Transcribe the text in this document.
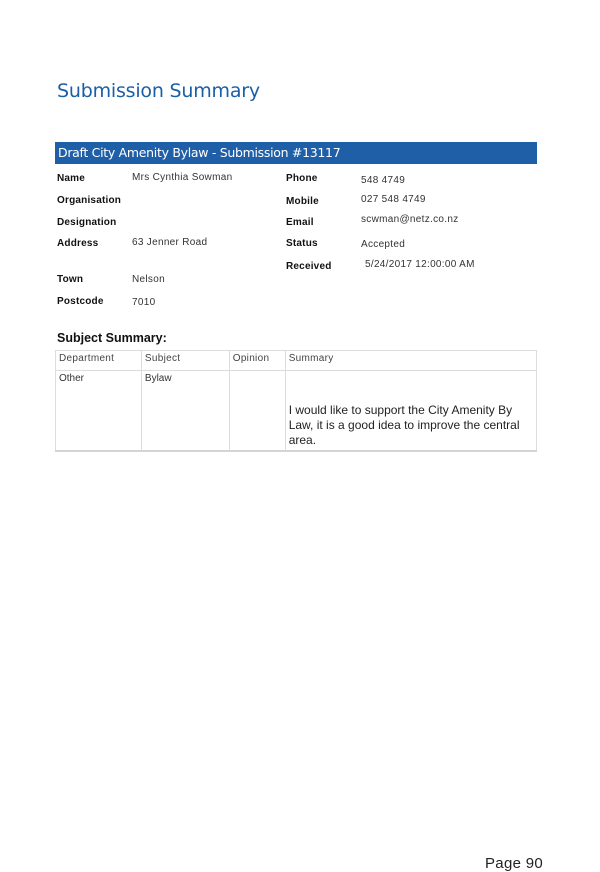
Submission Summary
Draft City Amenity Bylaw - Submission #13117
Name	Mrs Cynthia Sowman
Organisation
Designation
Address	63 Jenner Road
Town	Nelson
Postcode	7010
Phone	548 4749
Mobile	027 548 4749
Email	scwman@netz.co.nz
Status	Accepted
Received	5/24/2017 12:00:00 AM
Subject Summary:
Department	Subject	Opinion	Summary
Other	Bylaw		I would like to support the City Amenity By Law, it is a good idea to improve the central area.
Page 90
